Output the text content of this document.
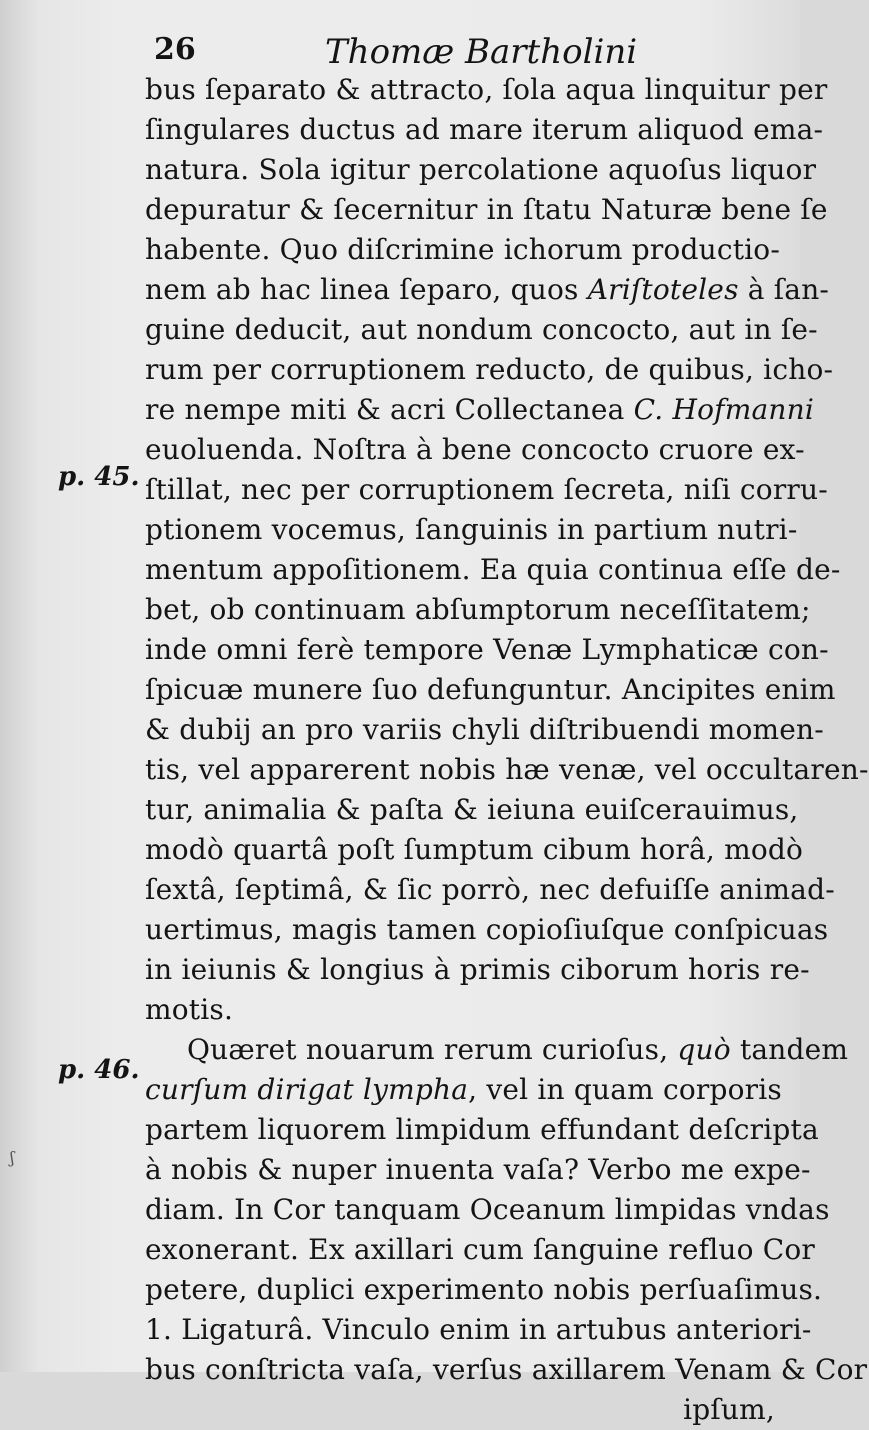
26	Thomæ Bartholini
p. 45.
p. 46.
bus ſeparato & attracto, ſola aqua linquitur per
ſingulares ductus ad mare iterum aliquod ema-
natura. Sola igitur percolatione aquoſus liquor
depuratur & ſecernitur in ſtatu Naturæ bene ſe
habente. Quo diſcrimine ichorum productio-
nem ab hac linea ſeparo, quos Ariſtoteles à ſan-
guine deducit, aut nondum concocto, aut in ſe-
rum per corruptionem reducto, de quibus, icho-
re nempe miti & acri Collectanea C. Hofmanni
euoluenda. Noſtra à bene concocto cruore ex-
ſtillat, nec per corruptionem ſecreta, niſi corru-
ptionem vocemus, ſanguinis in partium nutri-
mentum appoſitionem. Ea quia continua eſſe de-
bet, ob continuam abſumptorum neceſſitatem;
inde omni ferè tempore Venæ Lymphaticæ con-
ſpicuæ munere ſuo defunguntur. Ancipites enim
& dubij an pro variis chyli diſtribuendi momen-
tis, vel apparerent nobis hæ venæ, vel occultaren-
tur, animalia & paſta & ieiuna euiſcerauimus,
modò quartâ poſt ſumptum cibum horâ, modò
ſextâ, ſeptimâ, & ſic porrò, nec defuiſſe animad-
uertimus, magis tamen copioſiuſque conſpicuas
in ieiunis & longius à primis ciborum horis re-
motis.
Quæret nouarum rerum curioſus, quò tandem
curſum dirigat lympha, vel in quam corporis
partem liquorem limpidum effundant deſcripta
à nobis & nuper inuenta vaſa? Verbo me expe-
diam. In Cor tanquam Oceanum limpidas vndas
exonerant. Ex axillari cum ſanguine refluo Cor
petere, duplici experimento nobis perſuaſimus.
1. Ligaturâ. Vinculo enim in artubus anteriori-
bus conſtricta vaſa, verſus axillarem Venam & Cor
ipſum,
ʃ
